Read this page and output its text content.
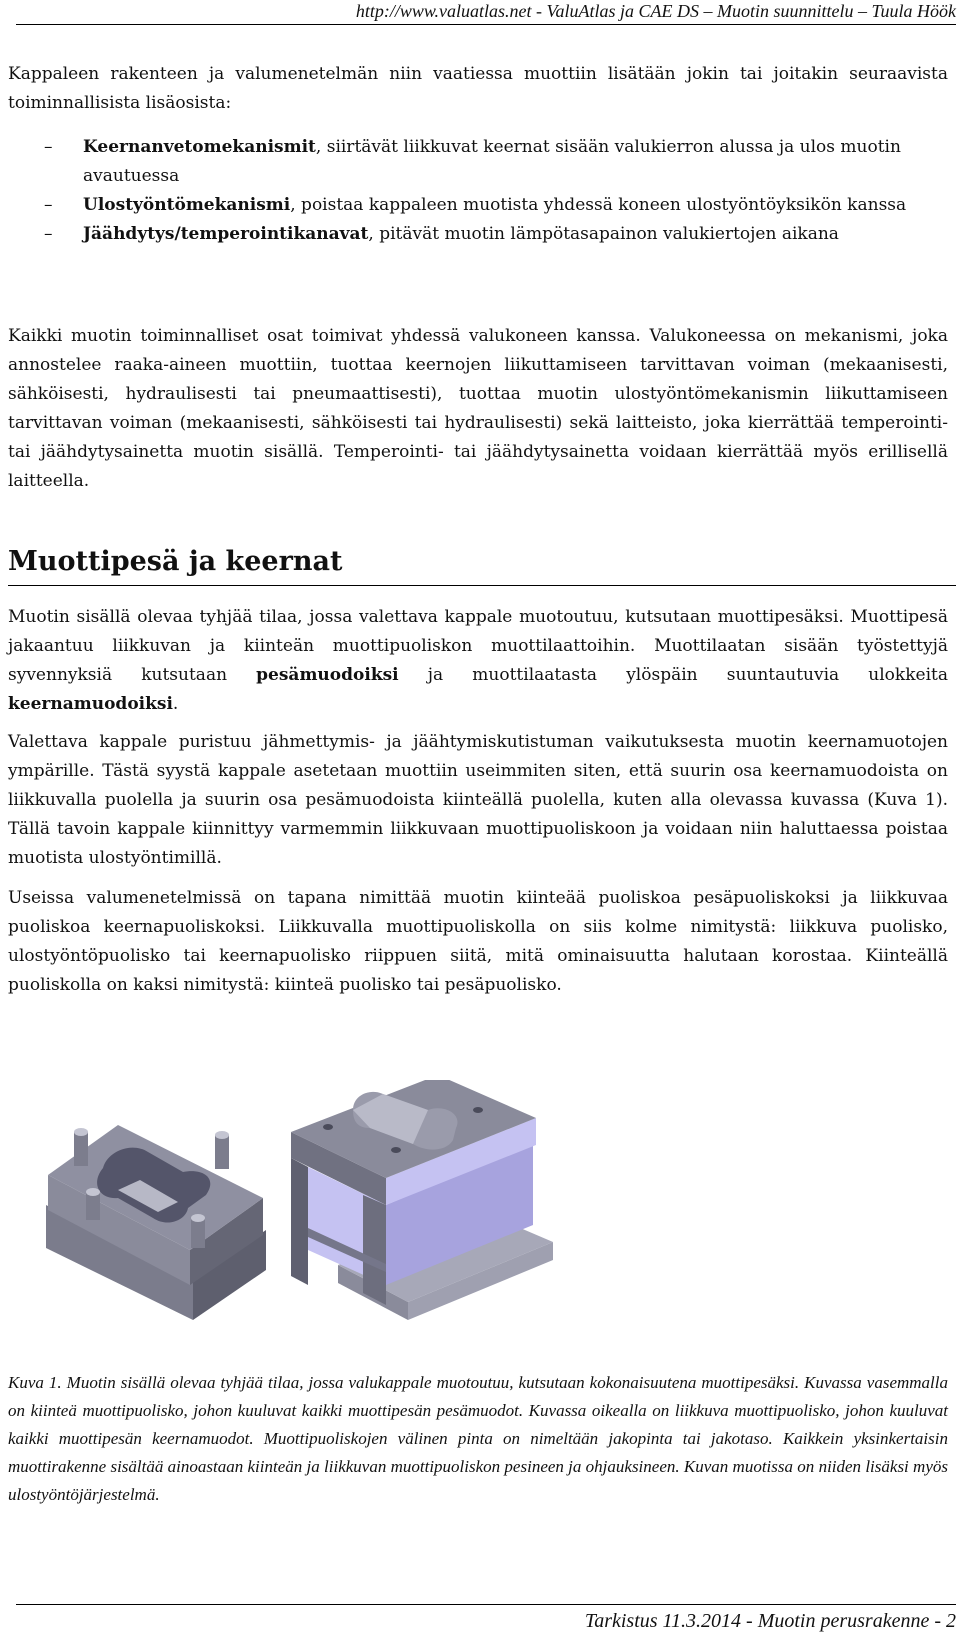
http://www.valuatlas.net - ValuAtlas ja CAE DS – Muotin suunnittelu – Tuula Höök

Kappaleen rakenteen ja valumenetelmän niin vaatiessa muottiin lisätään jokin tai joitakin seuraavista toiminnallisista lisäosista:

– Keernanvetomekanismit, siirtävät liikkuvat keernat sisään valukierron alussa ja ulos muotin avautuessa
– Ulostyöntömekanismi, poistaa kappaleen muotista yhdessä koneen ulostyöntöyksikön kanssa
– Jäähdytys/temperointikanavat, pitävät muotin lämpötasapainon valukiertojen aikana

Kaikki muotin toiminnalliset osat toimivat yhdessä valukoneen kanssa. Valukoneessa on mekanismi, joka annostelee raaka-aineen muottiin, tuottaa keernojen liikuttamiseen tarvittavan voiman (mekaanisesti, sähköisesti, hydraulisesti tai pneumaattisesti), tuottaa muotin ulostyöntömekanismin liikuttamiseen tarvittavan voiman (mekaanisesti, sähköisesti tai hydraulisesti) sekä laitteisto, joka kierrättää temperointi- tai jäähdytysainetta muotin sisällä. Temperointi- tai jäähdytysainetta voidaan kierrättää myös erillisellä laitteella.

Muottipesä ja keernat

Muotin sisällä olevaa tyhjää tilaa, jossa valettava kappale muotoutuu, kutsutaan muottipesäksi. Muottipesä jakaantuu liikkuvan ja kiinteän muottipuoliskon muottilaattoihin. Muottilaatan sisään työstettyjä syvennyksiä kutsutaan pesämuodoiksi ja muottilaatasta ylöspäin suuntautuvia ulokkeita keernamuodoiksi.

Valettava kappale puristuu jähmettymis- ja jäähtymiskutistuman vaikutuksesta muotin keernamuotojen ympärille. Tästä syystä kappale asetetaan muottiin useimmiten siten, että suurin osa keernamuodoista on liikkuvalla puolella ja suurin osa pesämuodoista kiinteällä puolella, kuten alla olevassa kuvassa (Kuva 1). Tällä tavoin kappale kiinnittyy varmemmin liikkuvaan muottipuoliskoon ja voidaan niin haluttaessa poistaa muotista ulostyöntimillä.

Useissa valumenetelmissä on tapana nimittää muotin kiinteää puoliskoa pesäpuoliskoksi ja liikkuvaa puoliskoa keernapuoliskoksi. Liikkuvalla muottipuoliskolla on siis kolme nimitystä: liikkuva puolisko, ulostyöntöpuolisko tai keernapuolisko riippuen siitä, mitä ominaisuutta halutaan korostaa. Kiinteällä puoliskolla on kaksi nimitystä: kiinteä puolisko tai pesäpuolisko.

Kuva 1. Muotin sisällä olevaa tyhjää tilaa, jossa valukappale muotoutuu, kutsutaan kokonaisuutena muottipesäksi. Kuvassa vasemmalla on kiinteä muottipuolisko, johon kuuluvat kaikki muottipesän pesämuodot. Kuvassa oikealla on liikkuva muottipuolisko, johon kuuluvat kaikki muottipesän keernamuodot. Muottipuoliskojen välinen pinta on nimeltään jakopinta tai jakotaso. Kaikkein yksinkertaisin muottirakenne sisältää ainoastaan kiinteän ja liikkuvan muottipuoliskon pesineen ja ohjauksineen. Kuvan muotissa on niiden lisäksi myös ulostyöntöjärjestelmä.

Tarkistus 11.3.2014 - Muotin perusrakenne - 2
